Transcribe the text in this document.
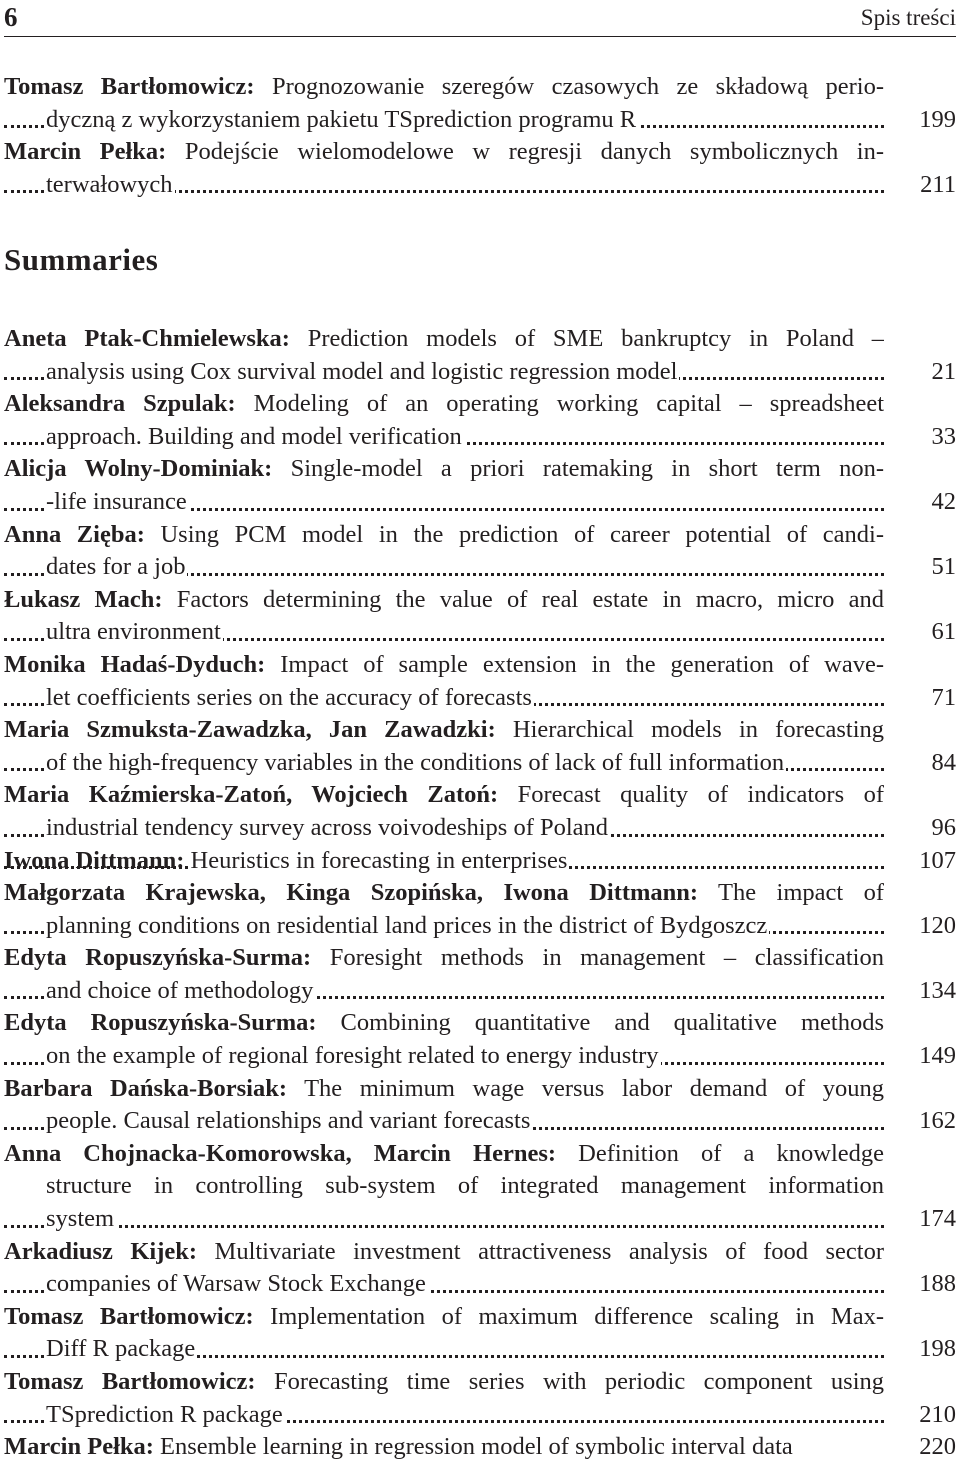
6	Spis treści
Tomasz Bartłomowicz: Prognozowanie szeregów czasowych ze składową perio-
dyczną z wykorzystaniem pakietu TSprediction programu R	199
Marcin Pełka: Podejście wielomodelowe w regresji danych symbolicznych in-
terwałowych	211
Summaries
Aneta Ptak-Chmielewska: Prediction models of SME bankruptcy in Poland –
analysis using Cox survival model and logistic regression model	21
Aleksandra Szpulak: Modeling of an operating working capital – spreadsheet
approach. Building and model verification	33
Alicja Wolny-Dominiak: Single-model a priori ratemaking in short term non-
-life insurance	42
Anna Zięba: Using PCM model in the prediction of career potential of candi-
dates for a job	51
Łukasz Mach: Factors determining the value of real estate in macro, micro and
ultra environment	61
Monika Hadaś-Dyduch: Impact of sample extension in the generation of wave-
let coefficients series on the accuracy of forecasts	71
Maria Szmuksta-Zawadzka, Jan Zawadzki: Hierarchical models in forecasting
of the high-frequency variables in the conditions of lack of full information	84
Maria Kaźmierska-Zatoń, Wojciech Zatoń: Forecast quality of indicators of
industrial tendency survey across voivodeships of Poland	96
Iwona Dittmann: Heuristics in forecasting in enterprises	107
Małgorzata Krajewska, Kinga Szopińska, Iwona Dittmann: The impact of
planning conditions on residential land prices in the district of Bydgoszcz	120
Edyta Ropuszyńska-Surma: Foresight methods in management – classification
and choice of methodology	134
Edyta Ropuszyńska-Surma: Combining quantitative and qualitative methods
on the example of regional foresight related to energy industry	149
Barbara Dańska-Borsiak: The minimum wage versus labor demand of young
people. Causal relationships and variant forecasts	162
Anna Chojnacka-Komorowska, Marcin Hernes: Definition of a knowledge
structure in controlling sub-system of integrated management information
system	174
Arkadiusz Kijek: Multivariate investment attractiveness analysis of food sector
companies of Warsaw Stock Exchange	188
Tomasz Bartłomowicz: Implementation of maximum difference scaling in Max-
Diff R package	198
Tomasz Bartłomowicz: Forecasting time series with periodic component using
TSprediction R package	210
Marcin Pełka: Ensemble learning in regression model of symbolic interval data	220
